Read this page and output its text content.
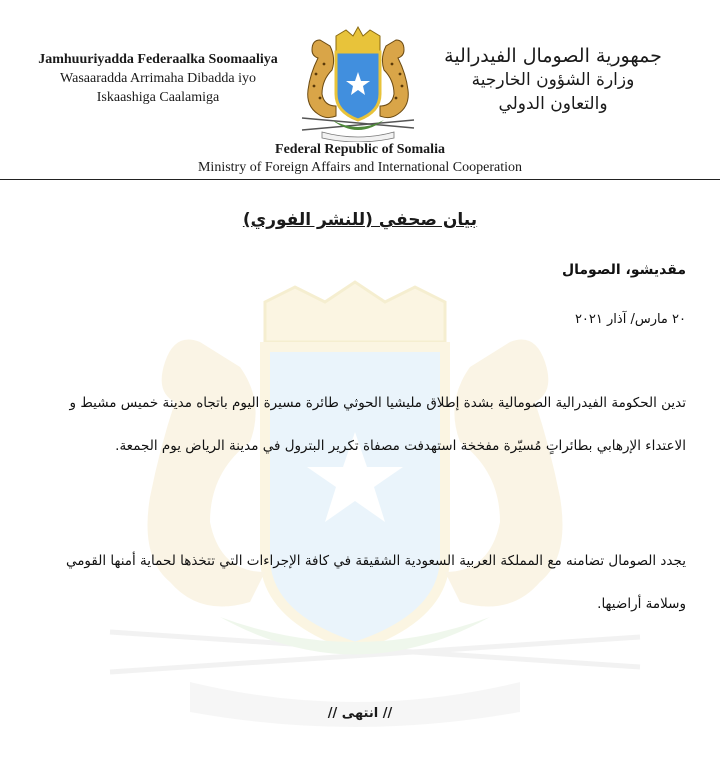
Jamhuuriyadda Federaalka Soomaaliya
Wasaaradda Arrimaha Dibadda iyo
Iskaashiga Caalamiga
جمهورية الصومال الفيدرالية
وزارة الشؤون الخارجية
والتعاون الدولي
Federal Republic of Somalia
Ministry of Foreign Affairs and International Cooperation
بيان صحفي (للنشر الفوري)
مقديشو، الصومال
٢٠ مارس/ آذار ٢٠٢١
تدين الحكومة الفيدرالية الصومالية بشدة إطلاق مليشيا الحوثي طائرة مسيرة اليوم باتجاه مدينة خميس مشيط و الاعتداء الإرهابي بطائراتٍ مُسيّرة مفخخة استهدفت مصفاة تكرير البترول في مدينة الرياض يوم الجمعة.
يجدد الصومال تضامنه مع المملكة العربية السعودية الشقيقة في كافة الإجراءات التي تتخذها لحماية أمنها القومي وسلامة أراضيها.
// انتهى //
